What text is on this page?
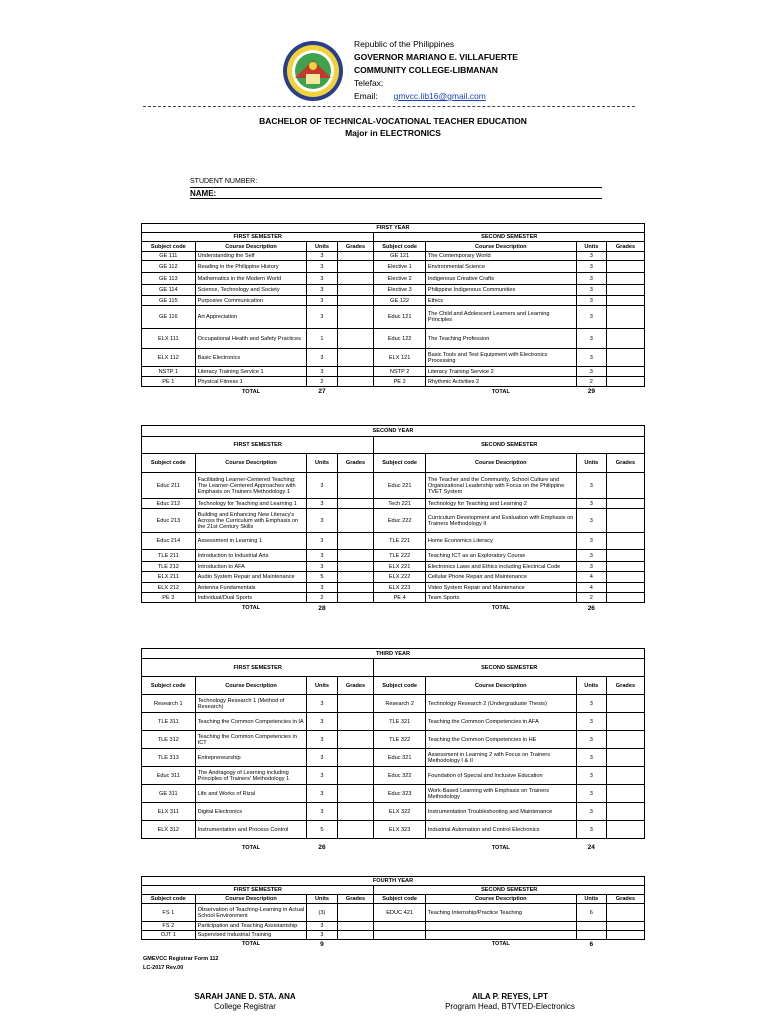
Republic of the Philippines
GOVERNOR MARIANO E. VILLAFUERTE
COMMUNITY COLLEGE-LIBMANAN
Telefax:
Email: gmvcc.lib16@gmail.com
BACHELOR OF TECHNICAL-VOCATIONAL TEACHER EDUCATION
Major in ELECTRONICS
STUDENT NUMBER:
NAME:
FIRST YEAR							
FIRST SEMESTER				SECOND SEMESTER			
Subject code	Course Description	Units	Grades	Subject code	Course Description	Units	Grades
GE 111	Understanding the Self	3		GE 121	The Contemporary World	3	
GE 112	Reading in the Philippine History	3		Elective 1	Environmental Science	3	
GE 113	Mathematics in the Modern World	3		Elective 2	Indigenous Creative Crafts	3	
GE 114	Science, Technology and Society	3		Elective 3	Philippine Indigenous Communities	3	
GE 115	Purposive Communication	3		GE 122	Ethics	3	
GE 116	Art Appreciation	3		Educ 121	The Child and Adolescent Learners and Learning Principles	3	
ELX 111	Occupational Health and Safety Practices	1		Educ 122	The Teaching Profession	3	
ELX 112	Basic Electronics	3		ELX 121	Basic Tools and Test Equipment with Electronics Processing	3	
NSTP 1	Literacy Training Service 1	3		NSTP 2	Literacy Training Service 2	3	
PE 1	Physical Fitness 1	2		PE 2	Rhythmic Activities 2	2	
	TOTAL	27			TOTAL	29	
SECOND YEAR							
FIRST SEMESTER				SECOND SEMESTER			
Subject code	Course Description	Units	Grades	Subject code	Course Description	Units	Grades
Educ 211	Facilitating Learner-Centered Teaching: The Learner-Centered Approaches with Emphasis on Trainers Methodology 1	3		Educ 221	The Teacher and the Community, School Culture and Organizational Leadership with Focus on the Philippine TVET System	3	
Educ 212	Technology for Teaching and Learning 1	3		Tech 221	Technology for Teaching and Learning 2	3	
Educ 213	Building and Enhancing New Literacy's Across the Curriculum with Emphasis on the 21st Century Skills	3		Educ 222	Curriculum Development and Evaluation with Emphasis on Trainers Methodology II	3	
Educ 214	Assessment in Learning 1	3		TLE 221	Home Economics Literacy	3	
TLE 211	Introduction to Industrial Arts	3		TLE 222	Teaching ICT as an Exploratory Course	3	
TLE 212	Introduction to AFA	3		ELX 221	Electronics Laws and Ethics including Electrical Code	3	
ELX 211	Audio System Repair and Maintenance	5		ELX 222	Cellular Phone Repair and Maintenance	4	
ELX 212	Antenna Fundamentals	3		ELX 223	Video System Repair and Maintenance	4	
PE 3	Individual/Dual Sports	2		PE 4	Team Sports	2	
	TOTAL	28			TOTAL	26	
THIRD YEAR							
FIRST SEMESTER				SECOND SEMESTER			
Subject code	Course Description	Units	Grades	Subject code	Course Description	Units	Grades
Research 1	Technology Research 1 (Method of Research)	3		Research 2	Technology Research 2 (Undergraduate Thesis)	3	
TLE 311	Teaching the Common Competencies in IA	3		TLE 321	Teaching the Common Competencies in AFA	3	
TLE 312	Teaching the Common Competencies in ICT	3		TLE 322	Teaching the Common Competencies in HE	3	
TLE 313	Entrepreneurship	3		Educ 321	Assessment in Learning 2 with Focus on Trainers Methodology I & II	3	
Educ 311	The Andragogy of Learning including Principles of Trainers' Methodology 1	3		Educ 322	Foundation of Special and Inclusive Education	3	
GE 311	Life and Works of Rizal	3		Educ 323	Work-Based Learning with Emphasis on Trainers Methodology	3	
ELX 311	Digital Electronics	3		ELX 322	Instrumentation Troubleshooting and Maintenance	3	
ELX 312	Instrumentation and Process Control	5		ELX 323	Industrial Automation and Control Electronics	3	
	TOTAL	26			TOTAL	24	
FOURTH YEAR							
FIRST SEMESTER				SECOND SEMESTER			
Subject code	Course Description	Units	Grades	Subject code	Course Description	Units	Grades
FS 1	Observation of Teaching-Learning in Actual School Environment	(3)		EDUC 421	Teaching Internship/Practice Teaching	6	
FS 2	Participation and Teaching Assistantship	3					
OJT 1	Supervised Industrial Training	3					
	TOTAL	9			TOTAL	6	
GMEVCC Registrar Form 112
LC-2017 Rev.00
SARAH JANE D. STA. ANA
College Registrar
AILA P. REYES, LPT
Program Head, BTVTED-Electronics
